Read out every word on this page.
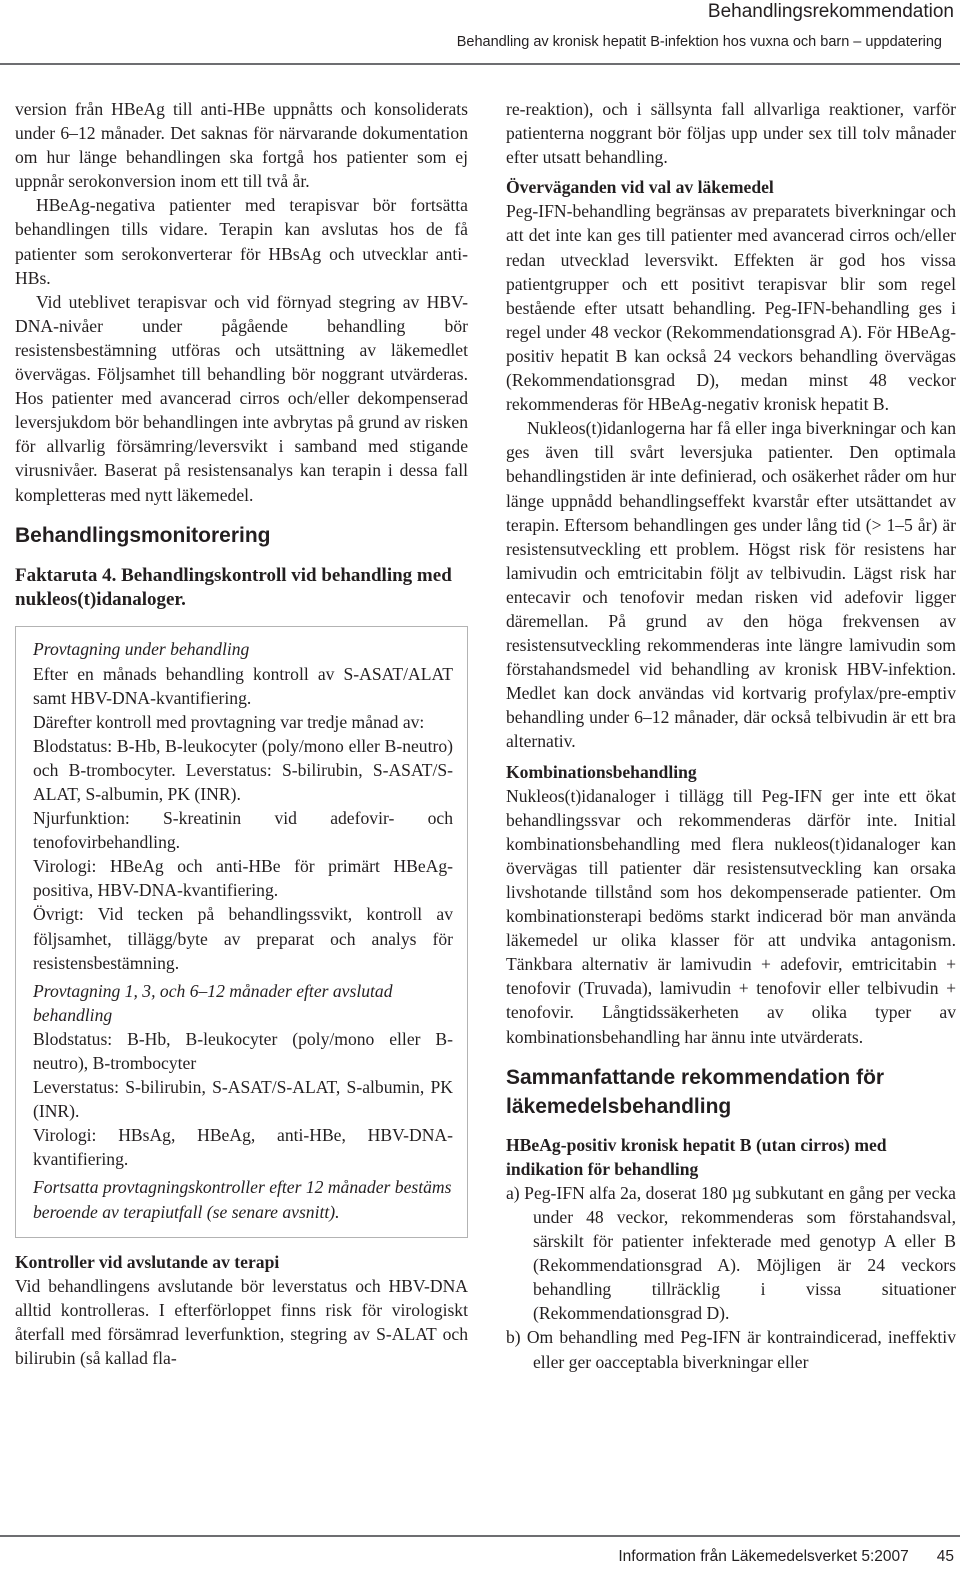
Behandlingsrekommendation
Behandling av kronisk hepatit B-infektion hos vuxna och barn – uppdatering

version från HBeAg till anti-HBe uppnåtts och konsoliderats under 6–12 månader. Det saknas för närvarande dokumentation om hur länge behandlingen ska fortgå hos patienter som ej uppnår serokonversion inom ett till två år.

HBeAg-negativa patienter med terapisvar bör fortsätta behandlingen tills vidare. Terapin kan avslutas hos de få patienter som serokonverterar för HBsAg och utvecklar anti-HBs.

Vid uteblivet terapisvar och vid förnyad stegring av HBV-DNA-nivåer under pågående behandling bör resistensbestämning utföras och utsättning av läkemedlet övervägas. Följsamhet till behandling bör noggrant utvärderas. Hos patienter med avancerad cirros och/eller dekompenserad leversjukdom bör behandlingen inte avbrytas på grund av risken för allvarlig försämring/leversvikt i samband med stigande virusnivåer. Baserat på resistensanalys kan terapin i dessa fall kompletteras med nytt läkemedel.

Behandlingsmonitorering

Faktaruta 4. Behandlingskontroll vid behandling med nukleos(t)idanaloger.

Provtagning under behandling

Efter en månads behandling kontroll av S-ASAT/ALAT samt HBV-DNA-kvantifiering.

Därefter kontroll med provtagning var tredje månad av:

Blodstatus: B-Hb, B-leukocyter (poly/mono eller B-neutro) och B-trombocyter. Leverstatus: S-bilirubin, S-ASAT/S-ALAT, S-albumin, PK (INR).

Njurfunktion: S-kreatinin vid adefovir- och tenofovirbehandling.

Virologi: HBeAg och anti-HBe för primärt HBeAg-positiva, HBV-DNA-kvantifiering.

Övrigt: Vid tecken på behandlingssvikt, kontroll av följsamhet, tillägg/byte av preparat och analys för resistensbestämning.

Provtagning 1, 3, och 6–12 månader efter avslutad behandling

Blodstatus: B-Hb, B-leukocyter (poly/mono eller B-neutro), B-trombocyter

Leverstatus: S-bilirubin, S-ASAT/S-ALAT, S-albumin, PK (INR).

Virologi: HBsAg, HBeAg, anti-HBe, HBV-DNA-kvantifiering.

Fortsatta provtagningskontroller efter 12 månader bestäms beroende av terapiutfall (se senare avsnitt).

Kontroller vid avslutande av terapi

Vid behandlingens avslutande bör leverstatus och HBV-DNA alltid kontrolleras. I efterförloppet finns risk för virologiskt återfall med försämrad leverfunktion, stegring av S-ALAT och bilirubin (så kallad fla-

re-reaktion), och i sällsynta fall allvarliga reaktioner, varför patienterna noggrant bör följas upp under sex till tolv månader efter utsatt behandling.

Överväganden vid val av läkemedel

Peg-IFN-behandling begränsas av preparatets biverkningar och att det inte kan ges till patienter med avancerad cirros och/eller redan utvecklad leversvikt. Effekten är god hos vissa patientgrupper och ett positivt terapisvar blir som regel bestående efter utsatt behandling. Peg-IFN-behandling ges i regel under 48 veckor (Rekommendationsgrad A). För HBeAg-positiv hepatit B kan också 24 veckors behandling övervägas (Rekommendationsgrad D), medan minst 48 veckor rekommenderas för HBeAg-negativ kronisk hepatit B.

Nukleos(t)idanlogerna har få eller inga biverkningar och kan ges även till svårt leversjuka patienter. Den optimala behandlingstiden är inte definierad, och osäkerhet råder om hur länge uppnådd behandlingseffekt kvarstår efter utsättandet av terapin. Eftersom behandlingen ges under lång tid (> 1–5 år) är resistensutveckling ett problem. Högst risk för resistens har lamivudin och emtricitabin följt av telbivudin. Lägst risk har entecavir och tenofovir medan risken vid adefovir ligger däremellan. På grund av den höga frekvensen av resistensutveckling rekommenderas inte längre lamivudin som förstahandsmedel vid behandling av kronisk HBV-infektion. Medlet kan dock användas vid kortvarig profylax/pre-emptiv behandling under 6–12 månader, där också telbivudin är ett bra alternativ.

Kombinationsbehandling

Nukleos(t)idanaloger i tillägg till Peg-IFN ger inte ett ökat behandlingssvar och rekommenderas därför inte. Initial kombinationsbehandling med flera nukleos(t)idanaloger kan övervägas till patienter där resistensutveckling kan orsaka livshotande tillstånd som hos dekompenserade patienter. Om kombinationsterapi bedöms starkt indicerad bör man använda läkemedel ur olika klasser för att undvika antagonism. Tänkbara alternativ är lamivudin + adefovir, emtricitabin + tenofovir (Truvada), lamivudin + tenofovir eller telbivudin + tenofovir. Långtidssäkerheten av olika typer av kombinationsbehandling har ännu inte utvärderats.

Sammanfattande rekommendation för läkemedelsbehandling

HBeAg-positiv kronisk hepatit B (utan cirros) med indikation för behandling

a) Peg-IFN alfa 2a, doserat 180 µg subkutant en gång per vecka under 48 veckor, rekommenderas som förstahandsval, särskilt för patienter infekterade med genotyp A eller B (Rekommendationsgrad A). Möjligen är 24 veckors behandling tillräcklig i vissa situationer (Rekommendationsgrad D).

b) Om behandling med Peg-IFN är kontraindicerad, ineffektiv eller ger oacceptabla biverkningar eller

Information från Läkemedelsverket 5:2007 45
